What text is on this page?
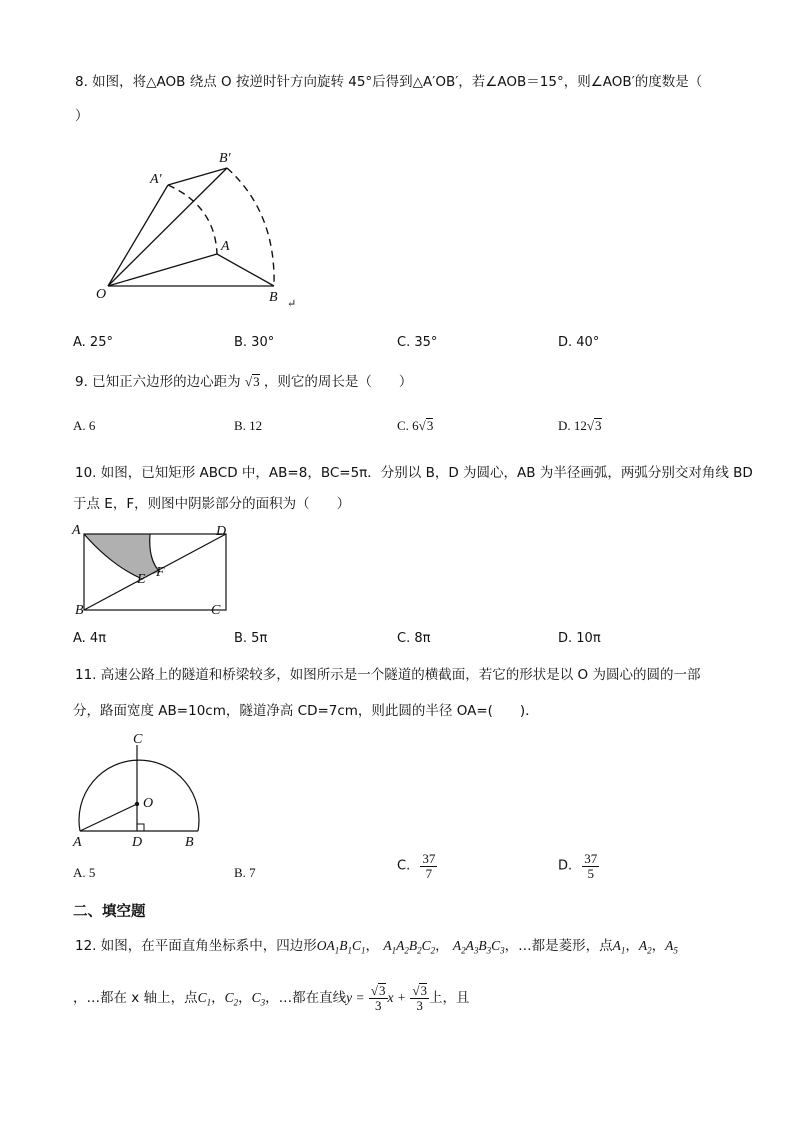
8. 如图，将△AOB 绕点 O 按逆时针方向旋转 45°后得到△A′OB′，若∠AOB＝15°，则∠AOB′的度数是（
）
B′
A′
A
O	B ↵
A. 25°	B. 30°	C. 35°	D. 40°
9. 已知正六边形的边心距为 √3 ，则它的周长是（　　）
A. 6	B. 12	C. 6√3	D. 12√3
10. 如图，已知矩形 ABCD 中，AB=8，BC=5π．分别以 B，D 为圆心，AB 为半径画弧，两弧分别交对角线 BD
于点 E，F，则图中阴影部分的面积为（　　）
A	D
E F
B	C
A. 4π	B. 5π	C. 8π	D. 10π
11. 高速公路上的隧道和桥梁较多，如图所示是一个隧道的横截面，若它的形状是以 O 为圆心的圆的一部
分，路面宽度 AB=10cm，隧道净高 CD=7cm，则此圆的半径 OA=(　　)．
C
O
A	D	B
A. 5	B. 7	C. $\frac{37}{7}$	D. $\frac{37}{5}$
二、填空题
12. 如图，在平面直角坐标系中，四边形$OA_1B_1C_1$， $A_1A_2B_2C_2$， $A_2A_3B_3C_3$，…都是菱形，点$A_1$，$A_2$，$A_5$
，…都在 x 轴上，点$C_1$，$C_2$，$C_3$，…都在直线$y = \frac{√3}{3}$ $x + \frac{√3}{3}$ 上，且
